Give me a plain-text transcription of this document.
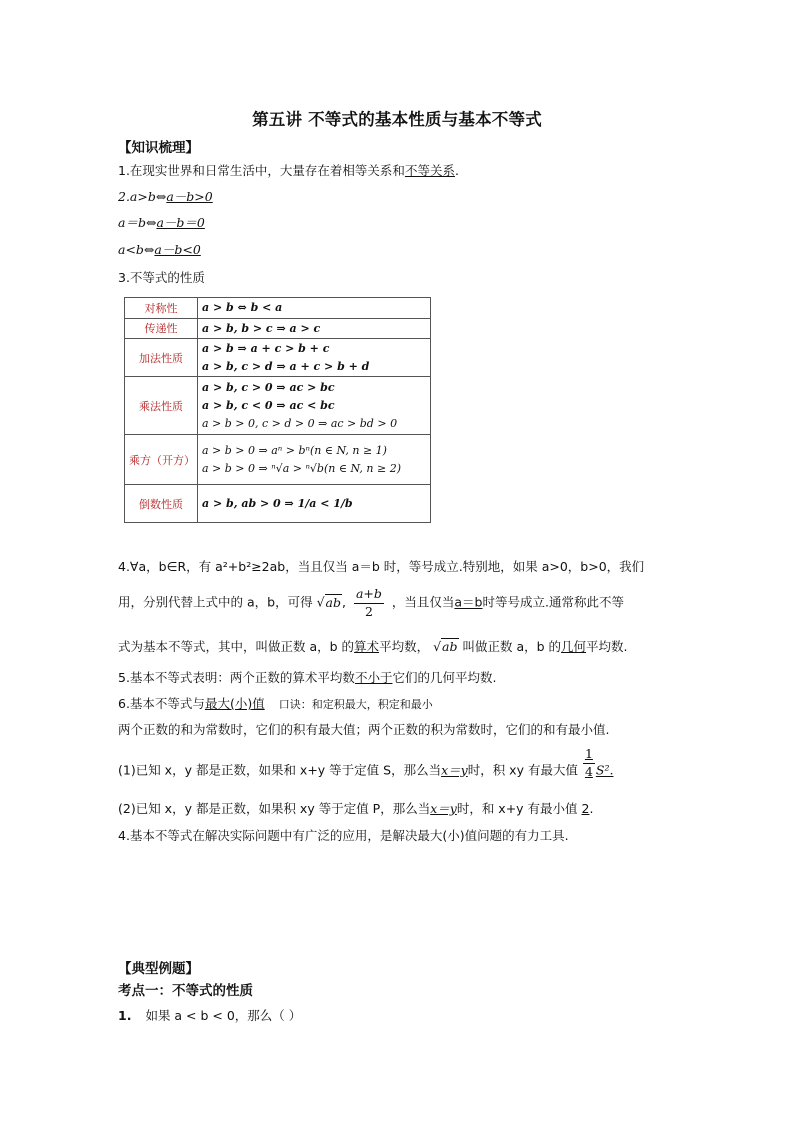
第五讲 不等式的基本性质与基本不等式
【知识梳理】
1.在现实世界和日常生活中，大量存在着相等关系和不等关系.
2.a>b⇔a－b>0
a＝b⇔a－b＝0
a<b⇔a－b<0
3.不等式的性质
对称性	a > b ⇔ b < a
传递性	a > b, b > c ⇒ a > c
加法性质	a > b ⇒ a + c > b + c
a > b, c > d ⇒ a + c > b + d

乘法性质	a > b, c > 0 ⇒ ac > bc
a > b, c < 0 ⇒ ac < bc
a > b > 0, c > d > 0 ⇒ ac > bd > 0

乘方（开方）	a > b > 0 ⇒ aⁿ > bⁿ(n ∈ N, n ≥ 1)
a > b > 0 ⇒ ⁿ√a > ⁿ√b(n ∈ N, n ≥ 2)

倒数性质	a > b, ab > 0 ⇒ 1/a < 1/b
4.∀a，b∈R，有 a²+b²≥2ab，当且仅当 a＝b 时，等号成立.特别地，如果 a>0，b>0，我们
用，分别代替上式中的 a，b，可得 √ab, $\frac{a+b}{2}$ ，当且仅当a＝b时等号成立.通常称此不等
式为基本不等式，其中，叫做正数 a，b 的算术平均数， √ab 叫做正数 a，b 的几何平均数.
5.基本不等式表明：两个正数的算术平均数不小于它们的几何平均数.
6.基本不等式与最大(小)值 口诀：和定积最大，积定和最小
两个正数的和为常数时，它们的积有最大值；两个正数的积为常数时，它们的和有最小值.
(1)已知 x，y 都是正数，如果和 x+y 等于定值 S，那么当x＝y时，积 xy 有最大值 $\frac{1}{4} S^2$.
(2)已知 x，y 都是正数，如果积 xy 等于定值 P，那么当x＝y时，和 x+y 有最小值 2.
4.基本不等式在解决实际问题中有广泛的应用，是解决最大(小)值问题的有力工具.
【典型例题】
考点一：不等式的性质
1. 如果 a < b < 0，那么（ ）
